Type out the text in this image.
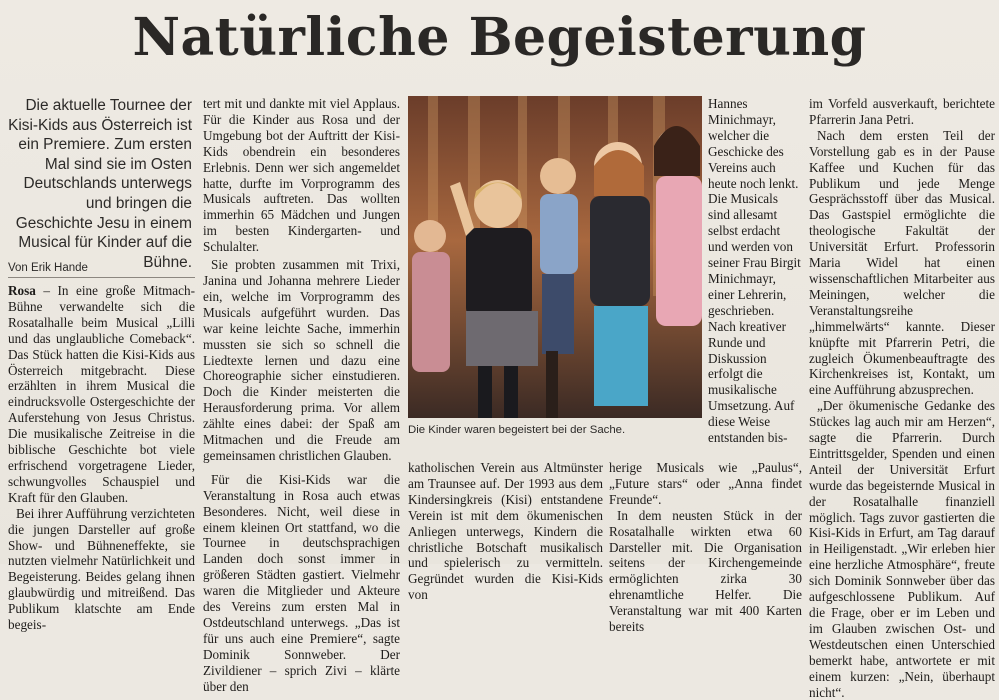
Natürliche Begeisterung
Die aktuelle Tournee der Kisi-Kids aus Österreich ist ein Premiere. Zum ersten Mal sind sie im Osten Deutschlands unterwegs und bringen die Geschichte Jesu in einem Musical für Kinder auf die Bühne.
Von Erik Hande

Rosa – In eine große Mitmach-Bühne verwandelte sich die Rosatalhalle beim Musical „Lilli und das unglaubliche Comeback“. Das Stück hatten die Kisi-Kids aus Österreich mitgebracht. Diese erzählten in ihrem Musical die eindrucksvolle Ostergeschichte der Auferstehung von Jesus Christus. Die musikalische Zeitreise in die biblische Geschichte bot viele erfrischend vorgetragene Lieder, schwungvolles Schauspiel und Kraft für den Glauben.

Bei ihrer Aufführung verzichteten die jungen Darsteller auf große Show- und Bühneneffekte, sie nutzten vielmehr Natürlichkeit und Begeisterung. Beides gelang ihnen glaubwürdig und mitreißend. Das Publikum klatschte am Ende begeis-

tert mit und dankte mit viel Applaus. Für die Kinder aus Rosa und der Umgebung bot der Auftritt der Kisi-Kids obendrein ein besonderes Erlebnis. Denn wer sich angemeldet hatte, durfte im Vorprogramm des Musicals auftreten. Das wollten immerhin 65 Mädchen und Jungen im besten Kindergarten- und Schulalter.

Sie probten zusammen mit Trixi, Janina und Johanna mehrere Lieder ein, welche im Vorprogramm des Musicals aufgeführt wurden. Das war keine leichte Sache, immerhin mussten sie sich so schnell die Liedtexte lernen und dazu eine Choreographie sicher einstudieren. Doch die Kinder meisterten die Herausforderung prima. Vor allem zählte eines dabei: der Spaß am Mitmachen und die Freude am gemeinsamen christlichen Glauben.

Für die Kisi-Kids war die Veranstaltung in Rosa auch etwas Besonderes. Nicht, weil diese in einem kleinen Ort stattfand, wo die Tournee in deutschsprachigen Landen doch sonst immer in größeren Städten gastiert. Vielmehr waren die Mitglieder und Akteure des Vereins zum ersten Mal in Ostdeutschland unterwegs. „Das ist für uns auch eine Premiere“, sagte Dominik Sonnweber. Der Zivildiener – sprich Zivi – klärte über den

Die Kinder waren begeistert bei der Sache.

katholischen Verein aus Altmünster am Traunsee auf. Der 1993 aus dem Kindersingkreis (Kisi) entstandene Verein ist mit dem ökumenischen Anliegen unterwegs, Kindern die christliche Botschaft musikalisch und spielerisch zu vermitteln. Gegründet wurden die Kisi-Kids von

Hannes Minichmayr, welcher die Geschicke des Vereins auch heute noch lenkt. Die Musicals sind allesamt selbst erdacht und werden von seiner Frau Birgit Minichmayr, einer Lehrerin, geschrieben. Nach kreativer Runde und Diskussion erfolgt die musikalische Umsetzung. Auf diese Weise entstanden bis-

herige Musicals wie „Paulus“, „Future stars“ oder „Anna findet Freunde“.

In dem neusten Stück in der Rosatalhalle wirkten etwa 60 Darsteller mit. Die Organisation seitens der Kirchengemeinde ermöglichten zirka 30 ehrenamtliche Helfer. Die Veranstaltung war mit 400 Karten bereits

im Vorfeld ausverkauft, berichtete Pfarrerin Jana Petri.

Nach dem ersten Teil der Vorstellung gab es in der Pause Kaffee und Kuchen für das Publikum und jede Menge Gesprächsstoff über das Musical. Das Gastspiel ermöglichte die theologische Fakultät der Universität Erfurt. Professorin Maria Widel hat einen wissenschaftlichen Mitarbeiter aus Meiningen, welcher die Veranstaltungsreihe „himmelwärts“ kannte. Dieser knüpfte mit Pfarrerin Petri, die zugleich Ökumenbeauftragte des Kirchenkreises ist, Kontakt, um eine Aufführung abzusprechen.

„Der ökumenische Gedanke des Stückes lag auch mir am Herzen“, sagte die Pfarrerin. Durch Eintrittsgelder, Spenden und einen Anteil der Universität Erfurt wurde das begeisternde Musical in der Rosatalhalle finanziell möglich. Tags zuvor gastierten die Kisi-Kids in Erfurt, am Tag darauf in Heiligenstadt. „Wir erleben hier eine herzliche Atmosphäre“, freute sich Dominik Sonnweber über das aufgeschlossene Publikum. Auf die Frage, ober er im Leben und im Glauben zwischen Ost- und Westdeutschen einen Unterschied bemerkt habe, antwortete er mit einem kurzen: „Nein, überhaupt nicht“.
